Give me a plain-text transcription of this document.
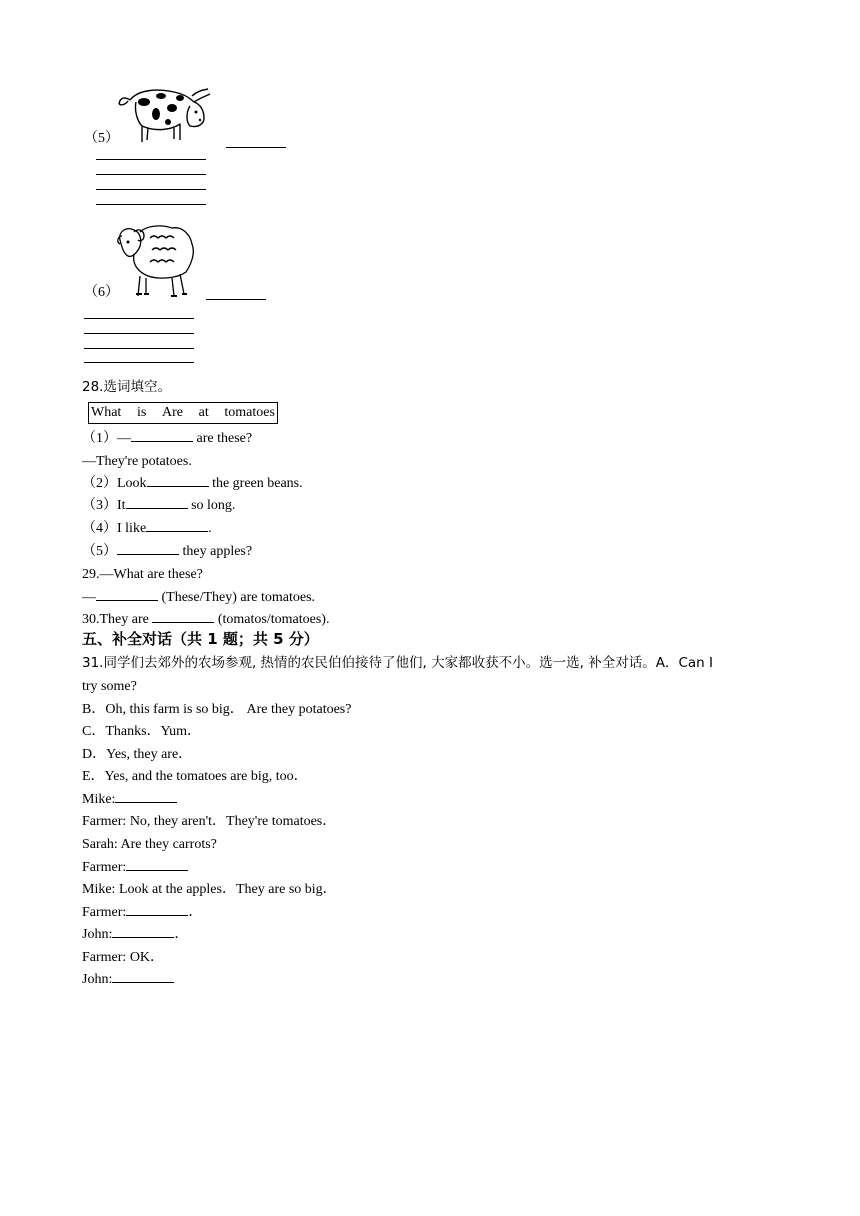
（5）
（6）
28.选词填空。
What is Are at tomatoes
（1）—	are these?
—They're potatoes.
（2）Look	the green beans.
（3）It	so long.
（4）I like	.
（5）	they apples?
29.—What are these?
—	(These/They) are tomatoes.
30.They are	(tomatos/tomatoes).
五、补全对话（共 1 题；共 5 分）
31.同学们去郊外的农场参观, 热情的农民伯伯接待了他们, 大家都收获不小。选一选, 补全对话。A．Can I
try some?
B．Oh, this farm is so big． Are they potatoes?
C．Thanks．Yum．
D．Yes, they are．
E．Yes, and the tomatoes are big, too．
Mike:
Farmer: No, they aren't．They're tomatoes．
Sarah: Are they carrots?
Farmer:
Mike: Look at the apples．They are so big．
Farmer:	．
John:	．
Farmer: OK．
John:
